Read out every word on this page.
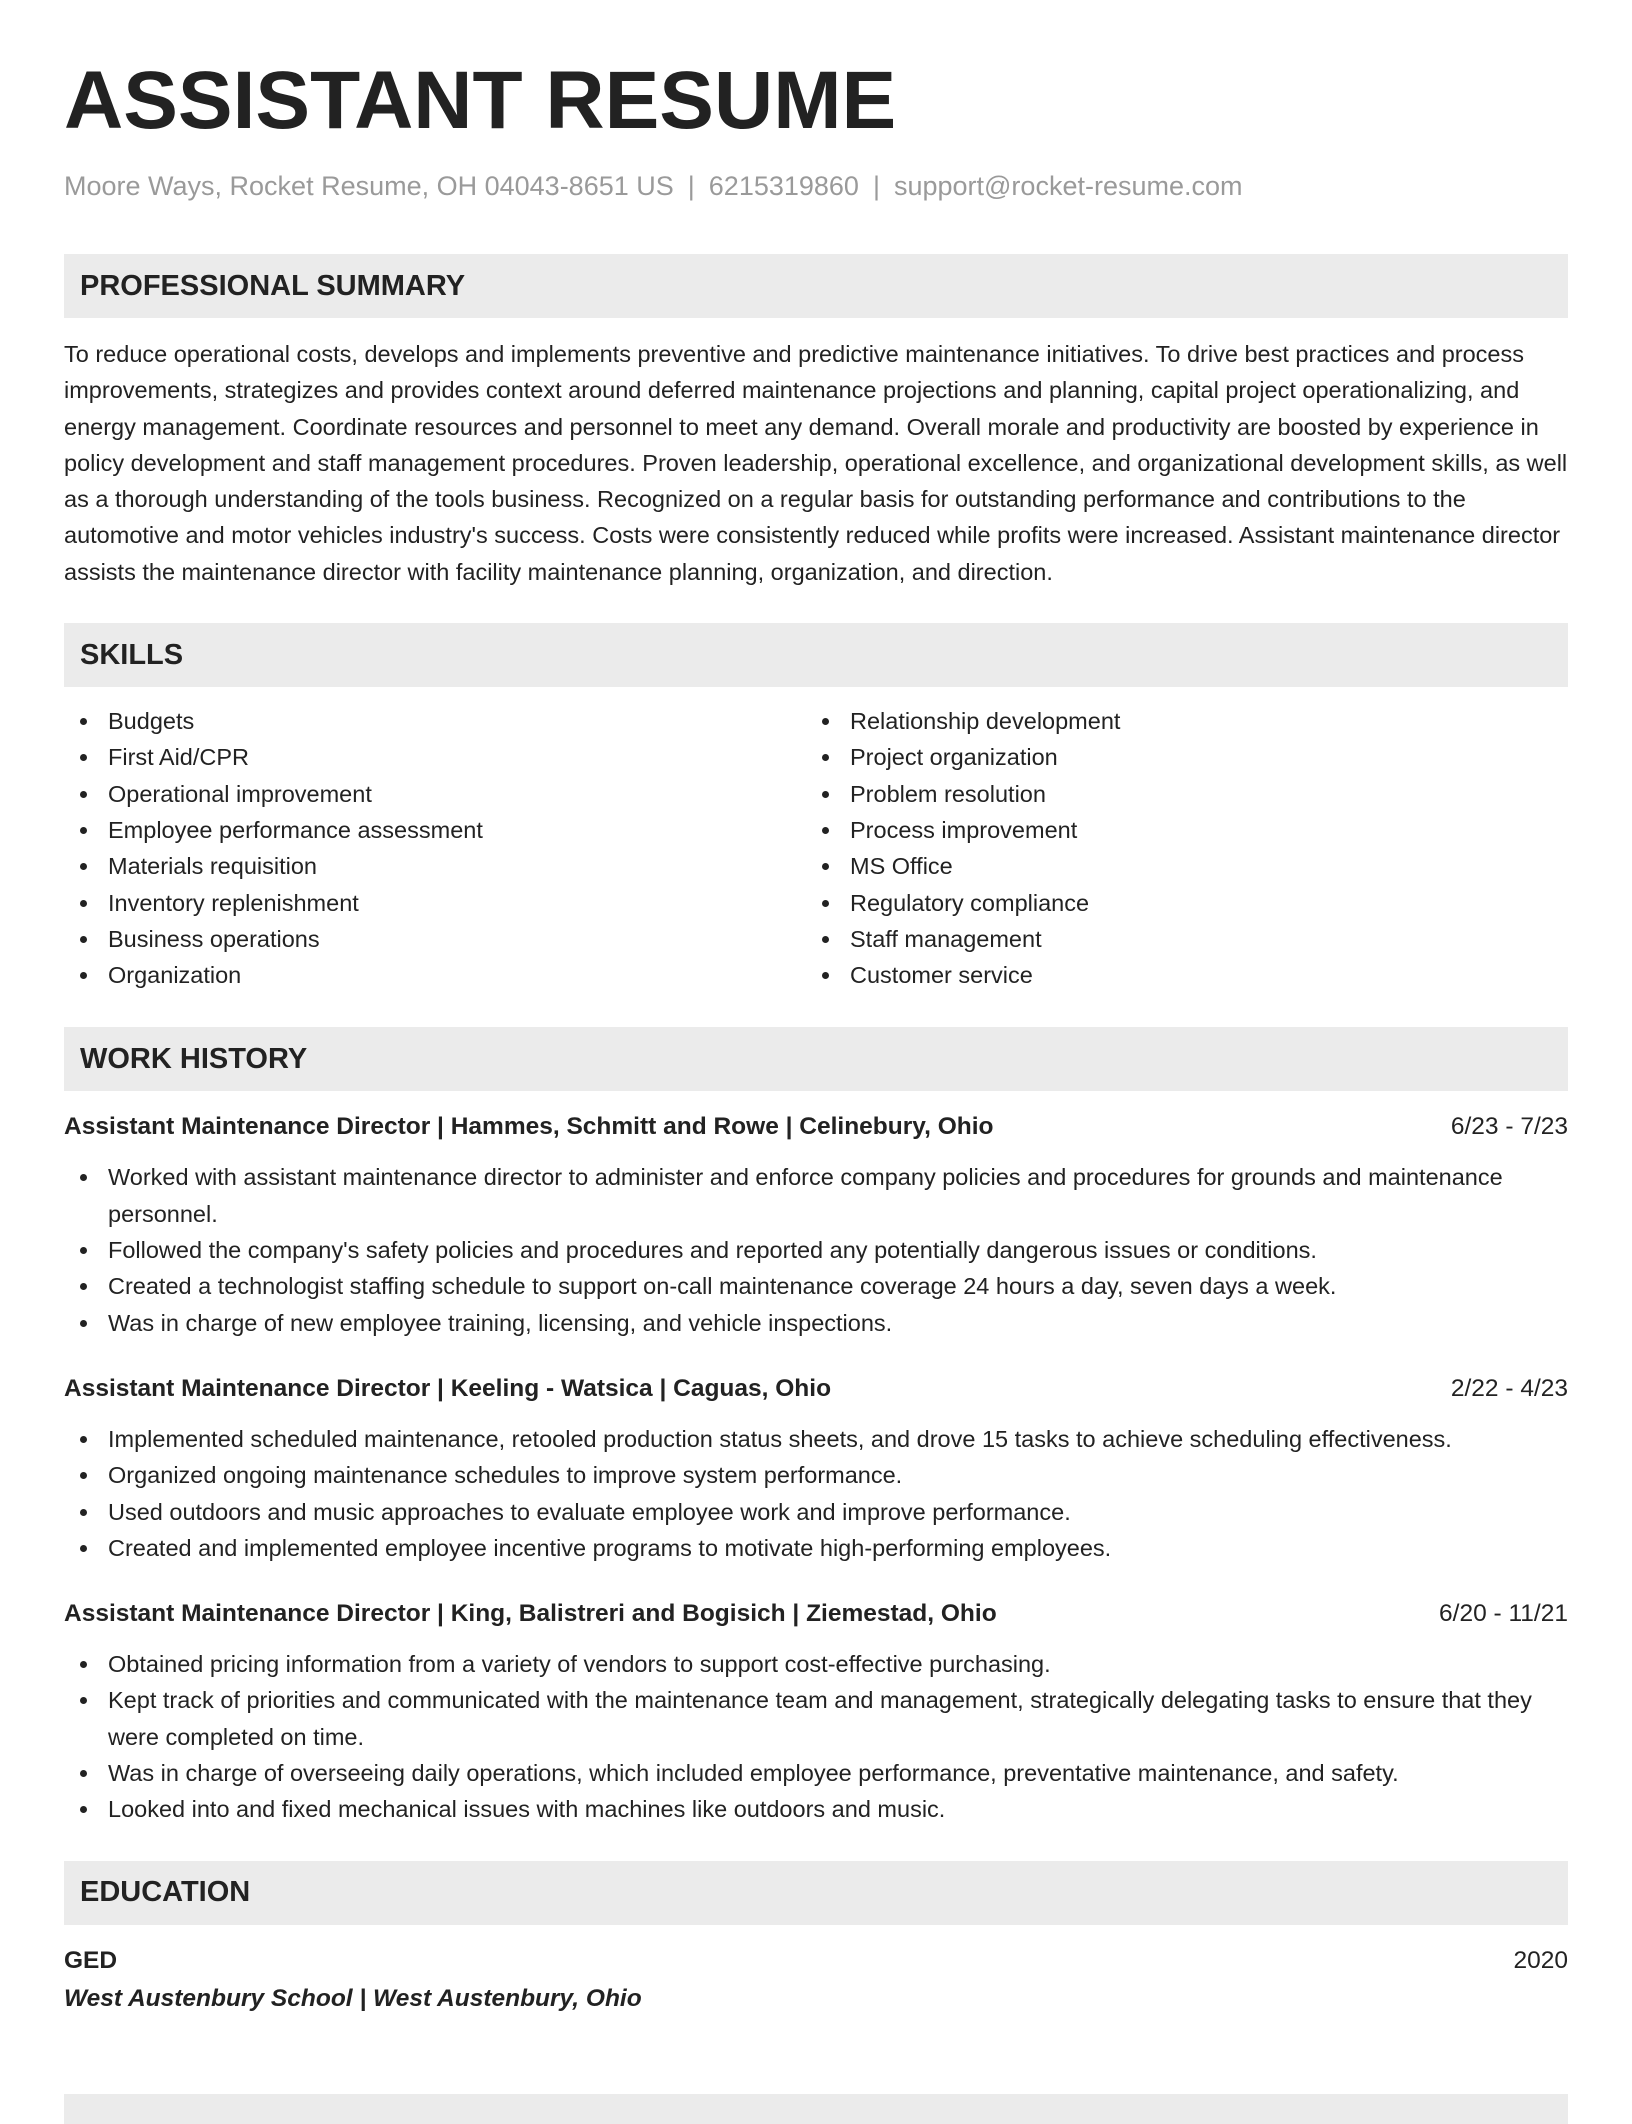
ASSISTANT RESUME
Moore Ways, Rocket Resume, OH 04043-8651 US | 6215319860 | support@rocket-resume.com
PROFESSIONAL SUMMARY

To reduce operational costs, develops and implements preventive and predictive maintenance initiatives. To drive best practices and process improvements, strategizes and provides context around deferred maintenance projections and planning, capital project operationalizing, and energy management. Coordinate resources and personnel to meet any demand. Overall morale and productivity are boosted by experience in policy development and staff management procedures. Proven leadership, operational excellence, and organizational development skills, as well as a thorough understanding of the tools business. Recognized on a regular basis for outstanding performance and contributions to the automotive and motor vehicles industry's success. Costs were consistently reduced while profits were increased. Assistant maintenance director assists the maintenance director with facility maintenance planning, organization, and direction.

SKILLS
Budgets
First Aid/CPR
Operational improvement
Employee performance assessment
Materials requisition
Inventory replenishment
Business operations
Organization
Relationship development
Project organization
Problem resolution
Process improvement
MS Office
Regulatory compliance
Staff management
Customer service
WORK HISTORY
Assistant Maintenance Director | Hammes, Schmitt and Rowe | Celinebury, Ohio	6/23 - 7/23
Worked with assistant maintenance director to administer and enforce company policies and procedures for grounds and maintenance personnel.
Followed the company's safety policies and procedures and reported any potentially dangerous issues or conditions.
Created a technologist staffing schedule to support on-call maintenance coverage 24 hours a day, seven days a week.
Was in charge of new employee training, licensing, and vehicle inspections.
Assistant Maintenance Director | Keeling - Watsica | Caguas, Ohio	2/22 - 4/23
Implemented scheduled maintenance, retooled production status sheets, and drove 15 tasks to achieve scheduling effectiveness.
Organized ongoing maintenance schedules to improve system performance.
Used outdoors and music approaches to evaluate employee work and improve performance.
Created and implemented employee incentive programs to motivate high-performing employees.
Assistant Maintenance Director | King, Balistreri and Bogisich | Ziemestad, Ohio	6/20 - 11/21
Obtained pricing information from a variety of vendors to support cost-effective purchasing.
Kept track of priorities and communicated with the maintenance team and management, strategically delegating tasks to ensure that they were completed on time.
Was in charge of overseeing daily operations, which included employee performance, preventative maintenance, and safety.
Looked into and fixed mechanical issues with machines like outdoors and music.
EDUCATION
GED	2020
West Austenbury School | West Austenbury, Ohio
